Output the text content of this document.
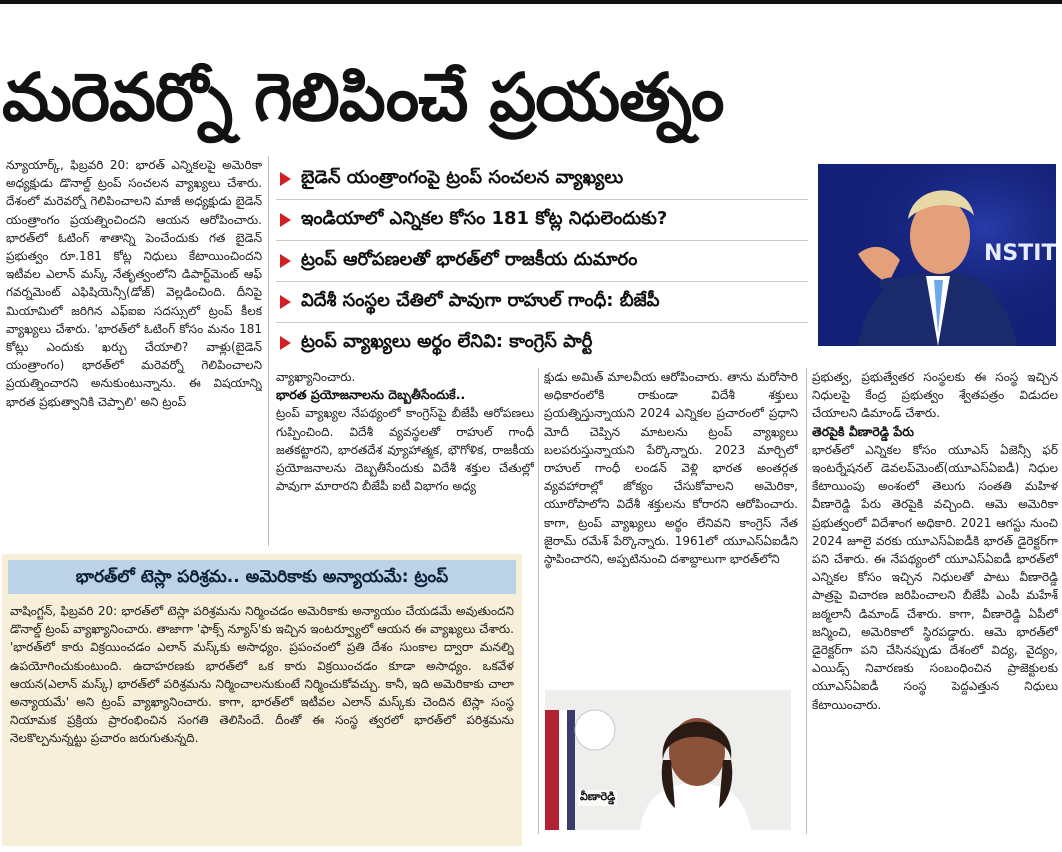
మరెవర్నో గెలిపించే ప్రయత్నం

న్యూయార్క్, ఫిబ్రవరి 20: భారత్ ఎన్నికలపై అమెరికా అధ్యక్షుడు డొనాల్డ్ ట్రంప్ సంచలన వ్యాఖ్యలు చేశారు. దేశంలో మరెవర్నో గెలిపించాలని మాజీ అధ్యక్షుడు బైడెన్ యంత్రాంగం ప్రయత్నించిందని ఆయన ఆరోపించారు. భారత్‌లో ఓటింగ్ శాతాన్ని పెంచేందుకు గత బైడెన్ ప్రభుత్వం రూ.181 కోట్ల నిధులు కేటాయించిందని ఇటీవల ఎలాన్ మస్క్ నేతృత్వంలోని డిపార్ట్‌మెంట్ ఆఫ్ గవర్నమెంట్ ఎఫిషియెన్సీ(డోజ్) వెల్లడించింది. దీనిపై మియామిలో జరిగిన ఎఫ్ఐఐ సదస్సులో ట్రంప్ కీలక వ్యాఖ్యలు చేశారు. 'భారత్‌లో ఓటింగ్ కోసం మనం 181 కోట్లు ఎందుకు ఖర్చు చేయాలి? వాళ్లు(బైడెన్ యంత్రాంగం) భారత్‌లో మరెవర్నో గెలిపించాలని ప్రయత్నించారని అనుకుంటున్నాను. ఈ విషయాన్ని భారత ప్రభుత్వానికి చెప్పాలి' అని ట్రంప్

బైడెన్ యంత్రాంగంపై ట్రంప్ సంచలన వ్యాఖ్యలు
ఇండియాలో ఎన్నికల కోసం 181 కోట్ల నిధులెందుకు?
ట్రంప్ ఆరోపణలతో భారత్‌లో రాజకీయ దుమారం
విదేశీ సంస్థల చేతిలో పావుగా రాహుల్ గాంధీ: బీజేపీ
ట్రంప్ వ్యాఖ్యలు అర్థం లేనివి: కాంగ్రెస్ పార్టీ
NSTIT

వ్యాఖ్యానించారు.

భారత ప్రయోజనాలను దెబ్బతీసేందుకే..

ట్రంప్ వ్యాఖ్యల నేపథ్యంలో కాంగ్రెస్‌పై బీజేపీ ఆరోపణలు గుప్పించింది. విదేశీ వ్యవస్థలతో రాహుల్ గాంధీ జతకట్టారని, భారతదేశ వ్యూహాత్మక, భౌగోళిక, రాజకీయ ప్రయోజనాలను దెబ్బతీసేందుకు విదేశీ శక్తుల చేతుల్లో పావుగా మారారని బీజేపీ ఐటీ విభాగం అధ్య

క్షుడు అమిత్ మాలవీయ ఆరోపించారు. తాను మరోసారి అధికారంలోకి రాకుండా విదేశీ శక్తులు ప్రయత్నిస్తున్నాయని 2024 ఎన్నికల ప్రచారంలో ప్రధాని మోదీ చెప్పిన మాటలను ట్రంప్ వ్యాఖ్యలు బలపరుస్తున్నాయని పేర్కొన్నారు. 2023 మార్చిలో రాహుల్ గాంధీ లండన్ వెళ్లి భారత అంతర్గత వ్యవహారాల్లో జోక్యం చేసుకోవాలని అమెరికా, యూరోపాలోని విదేశీ శక్తులను కోరారని ఆరోపించారు. కాగా, ట్రంప్ వ్యాఖ్యలు అర్థం లేనివని కాంగ్రెస్ నేత జైరామ్ రమేశ్ పేర్కొన్నారు. 1961లో యూఎస్ఏఐడీని స్థాపించారని, అప్పటినుంచి దశాబ్దాలుగా భారత్‌లోని

వీణారెడ్డి

ప్రభుత్వ, ప్రభుత్వేతర సంస్థలకు ఈ సంస్థ ఇచ్చిన నిధులపై కేంద్ర ప్రభుత్వం శ్వేతపత్రం విడుదల చేయాలని డిమాండ్ చేశారు.

తెరపైకి వీణారెడ్డి పేరు

భారత్‌లో ఎన్నికల కోసం యూఎస్ ఏజెన్సీ ఫర్ ఇంటర్నేషనల్ డెవలప్‌మెంట్(యూఎస్ఏఐడీ) నిధుల కేటాయింపు అంశంలో తెలుగు సంతతి మహిళ వీణారెడ్డి పేరు తెరపైకి వచ్చింది. ఆమె అమెరికా ప్రభుత్వంలో విదేశాంగ అధికారి. 2021 ఆగస్టు నుంచి 2024 జూలై వరకు యూఎస్ఏఐడీకి భారత్ డైరెక్టర్‌గా పని చేశారు. ఈ నేపథ్యంలో యూఎస్ఏఐడీ భారత్‌లో ఎన్నికల కోసం ఇచ్చిన నిధులతో పాటు వీణారెడ్డి పాత్రపై విచారణ జరిపించాలని బీజేపీ ఎంపీ మహేశ్ జఠ్మలానీ డిమాండ్ చేశారు. కాగా, వీణారెడ్డి ఏపీలో జన్మించి, అమెరికాలో స్థిరపడ్డారు. ఆమె భారత్‌లో డైరెక్టర్‌గా పని చేసినప్పుడు దేశంలో విద్య, వైద్యం, ఎయిడ్స్ నివారణకు సంబంధించిన ప్రాజెక్టులకు యూఎస్ఏఐడీ సంస్థ పెద్దఎత్తున నిధులు కేటాయించారు.

భారత్‌లో టెస్లా పరిశ్రమ.. అమెరికాకు అన్యాయమే: ట్రంప్

వాషింగ్టన్, ఫిబ్రవరి 20: భారత్‌లో టెస్లా పరిశ్రమను నిర్మించడం అమెరికాకు అన్యాయం చేయడమే అవుతుందని డొనాల్డ్ ట్రంప్ వ్యాఖ్యానించారు. తాజాగా 'ఫాక్స్ న్యూస్'కు ఇచ్చిన ఇంటర్వ్యూలో ఆయన ఈ వ్యాఖ్యలు చేశారు. 'భారత్‌లో కారు విక్రయించడం ఎలాన్ మస్క్‌కు అసాధ్యం. ప్రపంచంలో ప్రతి దేశం సుంకాల ద్వారా మనల్ని ఉపయోగించుకుంటుంది. ఉదాహరణకు భారత్‌లో ఒక కారు విక్రయించడం కూడా అసాధ్యం. ఒకవేళ ఆయన(ఎలాన్ మస్క్) భారత్‌లో పరిశ్రమను నిర్మించాలనుకుంటే నిర్మించుకోవచ్చు. కానీ, ఇది అమెరికాకు చాలా అన్యాయమే' అని ట్రంప్ వ్యాఖ్యానించారు. కాగా, భారత్‌లో ఇటీవల ఎలాన్ మస్క్‌కు చెందిన టెస్లా సంస్థ నియామక ప్రక్రియ ప్రారంభించిన సంగతి తెలిసిందే. దీంతో ఈ సంస్థ త్వరలో భారత్‌లో పరిశ్రమను నెలకొల్పనున్నట్టు ప్రచారం జరుగుతున్నది.
